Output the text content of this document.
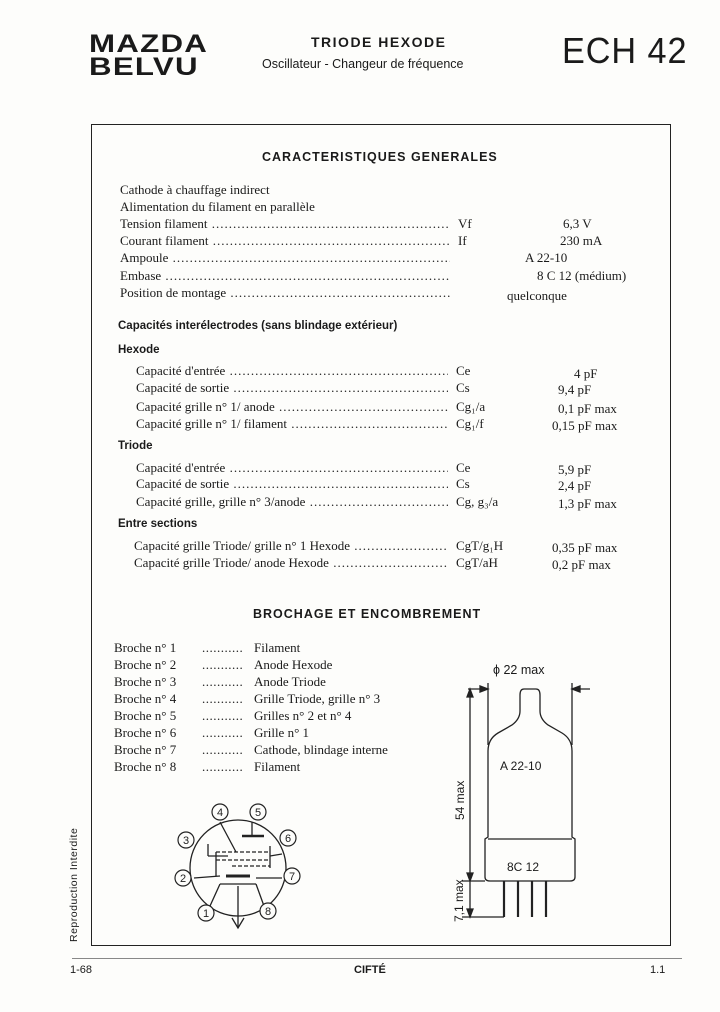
MAZDA
BELVU
TRIODE HEXODE
Oscillateur - Changeur de fréquence	ECH 42
CARACTERISTIQUES GENERALES
Cathode à chauffage indirect
Alimentation du filament en parallèle
Tension filament .....	Vf	6,3 V
Courant filament .....	If	230 mA
Ampoule .....	A 22-10
Embase .....	8 C 12 (médium)
Position de montage .....	quelconque
Capacités interélectrodes (sans blindage extérieur)
Hexode
Capacité d'entrée .....	Ce	4 pF
Capacité de sortie .....	Cs	9,4 pF
Capacité grille n° 1/ anode .....	Cg₁/a	0,1 pF max
Capacité grille n° 1/ filament .....	Cg₁/f	0,15 pF max
Triode
Capacité d'entrée .....	Ce	5,9 pF
Capacité de sortie .....	Cs	2,4 pF
Capacité grille, grille n° 3/anode .....	Cg, g₃/a	1,3 pF max
Entre sections
Capacité grille Triode/ grille n° 1 Hexode .....	CgT/g₁H	0,35 pF max
Capacité grille Triode/ anode Hexode .....	CgT/aH	0,2 pF max
BROCHAGE ET ENCOMBREMENT
Broche n° 1 ........... Filament
Broche n° 2 ........... Anode Hexode
Broche n° 3 ........... Anode Triode
Broche n° 4 ........... Grille Triode, grille n° 3
Broche n° 5 ........... Grilles n° 2 et n° 4
Broche n° 6 ........... Grille n° 1
Broche n° 7 ........... Cathode, blindage interne
Broche n° 8 ........... Filament
1
2
3
4	5
6
7
8
ϕ 22 max
54 max
7,1 max
A 22-10
8C 12
Reproduction Interdite
1-68	CIFTÉ	1.1
